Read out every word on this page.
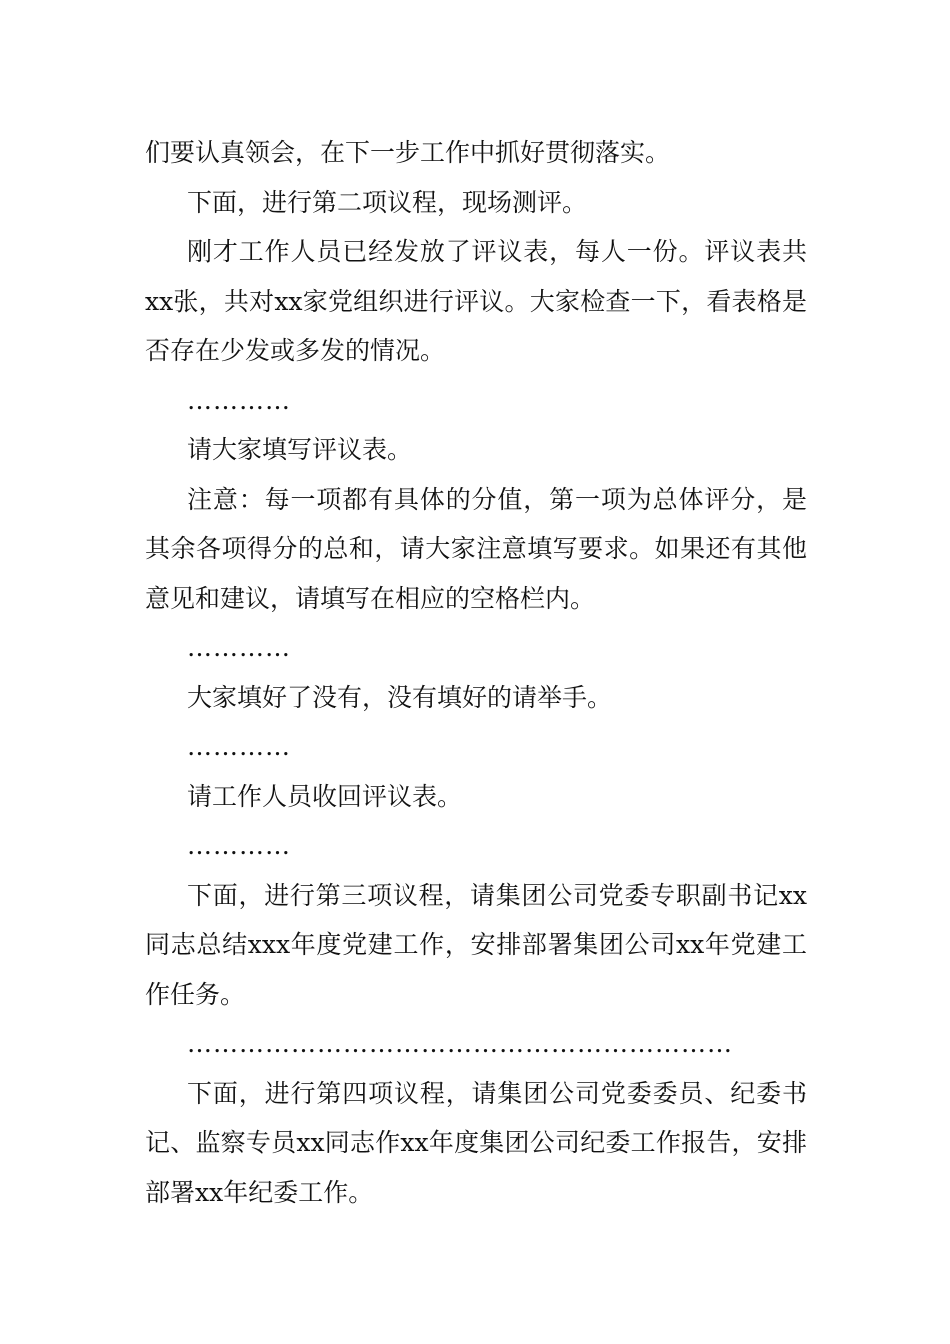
们要认真领会，在下一步工作中抓好贯彻落实。

下面，进行第二项议程，现场测评。

刚才工作人员已经发放了评议表，每人一份。评议表共xx张，共对xx家党组织进行评议。大家检查一下，看表格是否存在少发或多发的情况。

…………

请大家填写评议表。

注意：每一项都有具体的分值，第一项为总体评分，是其余各项得分的总和，请大家注意填写要求。如果还有其他意见和建议，请填写在相应的空格栏内。

…………

大家填好了没有，没有填好的请举手。

…………

请工作人员收回评议表。

…………

下面，进行第三项议程，请集团公司党委专职副书记xx同志总结xxx年度党建工作，安排部署集团公司xx年党建工作任务。

………………………………………………………

下面，进行第四项议程，请集团公司党委委员、纪委书记、监察专员xx同志作xx年度集团公司纪委工作报告，安排部署xx年纪委工作。
